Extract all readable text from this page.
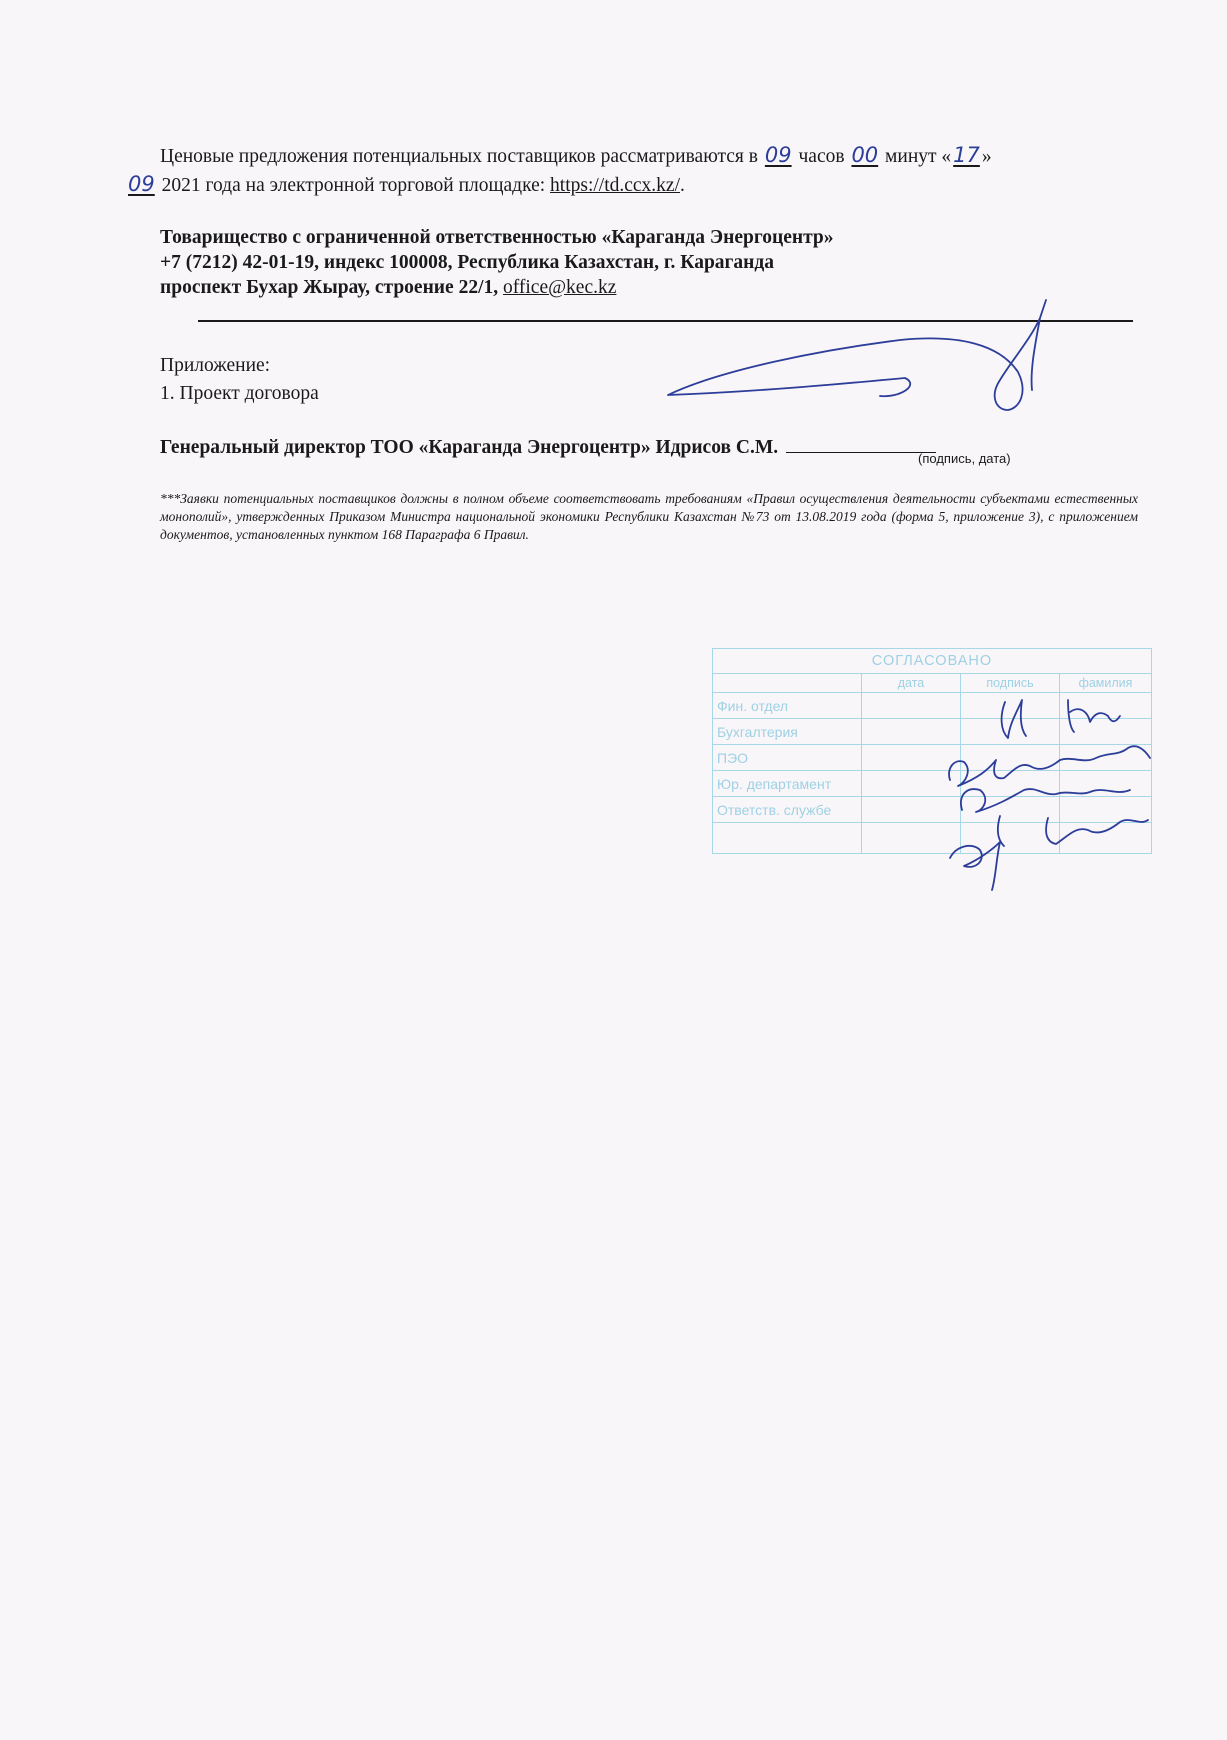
Ценовые предложения потенциальных поставщиков рассматриваются в 09 часов 00 минут «17 »
09 2021 года на электронной торговой площадке: https://td.ccx.kz/.
Товарищество с ограниченной ответственностью «Караганда Энергоцентр»
+7 (7212) 42-01-19, индекс 100008, Республика Казахстан, г. Караганда
проспект Бухар Жырау, строение 22/1, office@kec.kz
Приложение:
1. Проект договора
Генеральный директор ТОО «Караганда Энергоцентр» Идрисов С.М.
(подпись, дата)
***Заявки потенциальных поставщиков должны в полном объеме соответствовать требованиям «Правил осуществления деятельности субъектами естественных монополий», утвержденных Приказом Министра национальной экономики Республики Казахстан №73 от 13.08.2019 года (форма 5, приложение 3), с приложением документов, установленных пунктом 168 Параграфа 6 Правил.
СОГЛАСОВАНО			
	дата	подпись	фамилия
Фин. отдел			
Бухгалтерия			
ПЭО			
Юр. департамент			
Ответств. службе			
